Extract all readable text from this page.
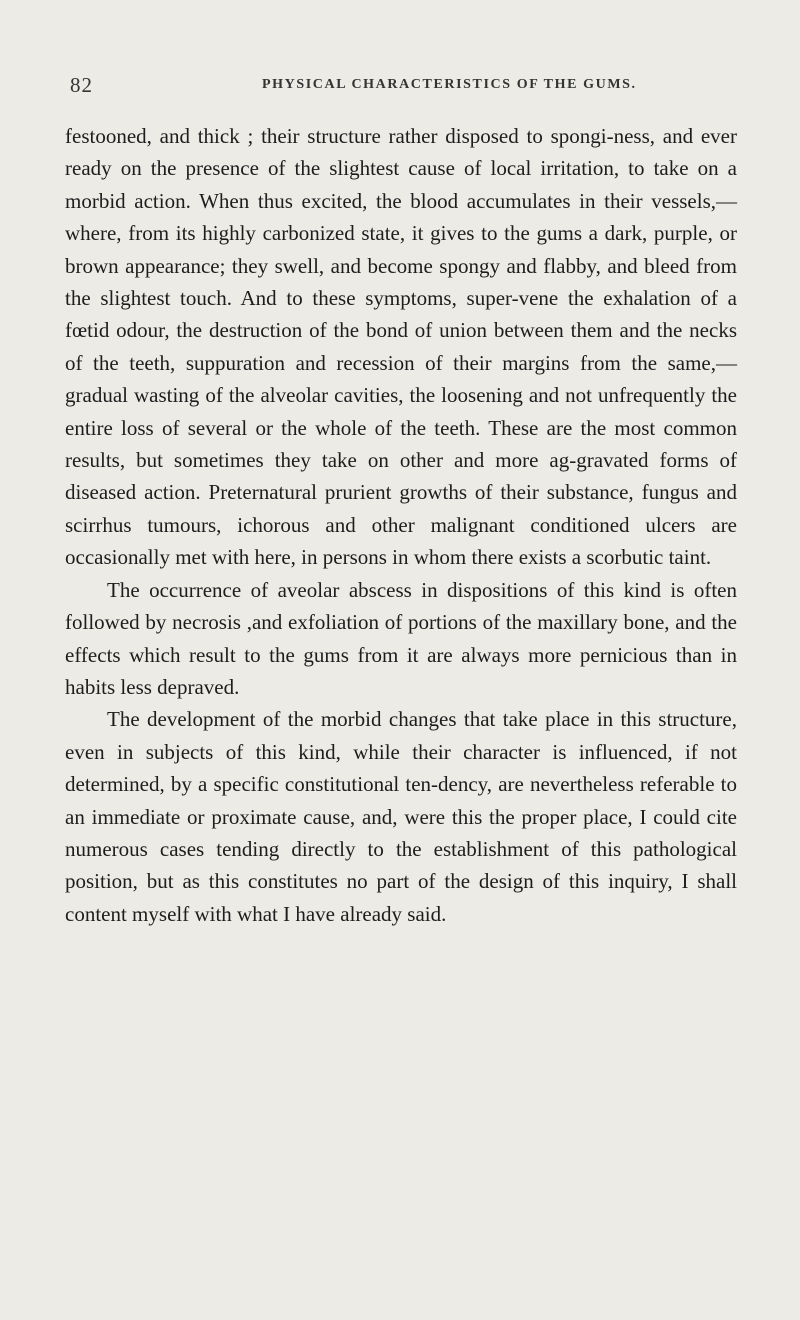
82	PHYSICAL CHARACTERISTICS OF THE GUMS.

festooned, and thick ; their structure rather disposed to spongi-ness, and ever ready on the presence of the slightest cause of local irritation, to take on a morbid action. When thus excited, the blood accumulates in their vessels,—where, from its highly carbonized state, it gives to the gums a dark, purple, or brown appearance; they swell, and become spongy and flabby, and bleed from the slightest touch. And to these symptoms, super-vene the exhalation of a fœtid odour, the destruction of the bond of union between them and the necks of the teeth, suppuration and recession of their margins from the same,—gradual wasting of the alveolar cavities, the loosening and not unfrequently the entire loss of several or the whole of the teeth. These are the most common results, but sometimes they take on other and more ag-gravated forms of diseased action. Preternatural prurient growths of their substance, fungus and scirrhus tumours, ichorous and other malignant conditioned ulcers are occasionally met with here, in persons in whom there exists a scorbutic taint.

The occurrence of aveolar abscess in dispositions of this kind is often followed by necrosis ,and exfoliation of portions of the maxillary bone, and the effects which result to the gums from it are always more pernicious than in habits less depraved.

The development of the morbid changes that take place in this structure, even in subjects of this kind, while their character is influenced, if not determined, by a specific constitutional ten-dency, are nevertheless referable to an immediate or proximate cause, and, were this the proper place, I could cite numerous cases tending directly to the establishment of this pathological position, but as this constitutes no part of the design of this inquiry, I shall content myself with what I have already said.
